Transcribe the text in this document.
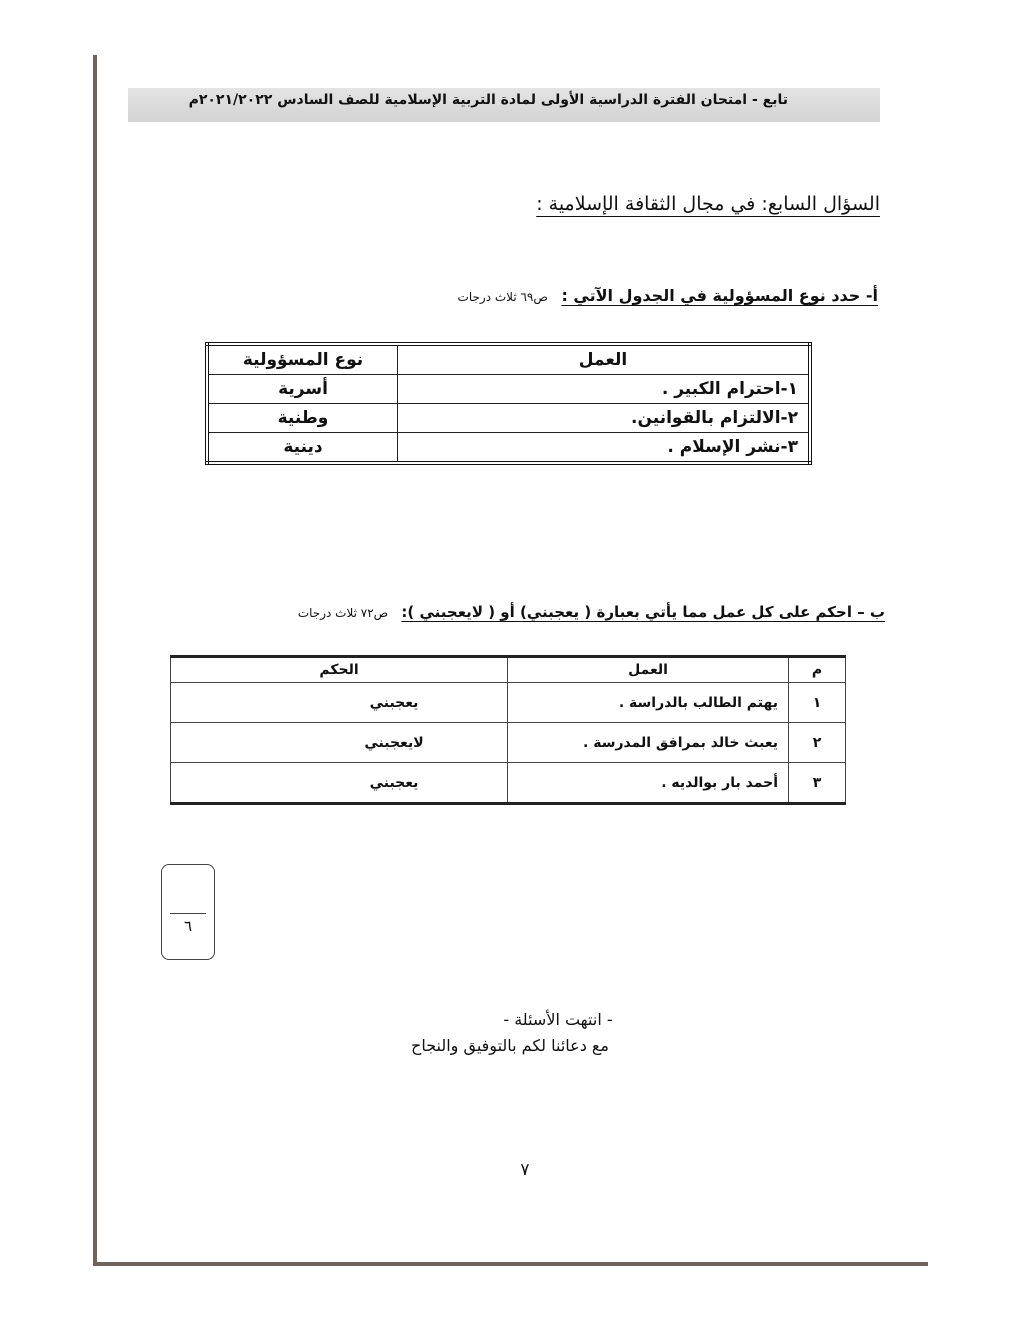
تابع - امتحان الفترة الدراسية الأولى لمادة التربية الإسلامية للصف السادس ٢٠٢١/٢٠٢٢م
السؤال السابع: في مجال الثقافة الإسلامية :
أ- حدد نوع المسؤولية في الجدول الآتي : ص٦٩ ثلاث درجات
العمل	نوع المسؤولية
١-احترام الكبير .	أسرية
٢-الالتزام بالقوانين.	وطنية
٣-نشر الإسلام .	دينية
ب – احكم على كل عمل مما يأتي بعبارة ( يعجبني) أو ( لايعجبني ): ص٧٢ ثلاث درجات
م	العمل	الحكم
١	يهتم الطالب بالدراسة .	يعجبني
٢	يعبث خالد بمرافق المدرسة .	لايعجبني
٣	أحمد بار بوالديه .	يعجبني
٦
- انتهت الأسئلة -
مع دعائنا لكم بالتوفيق والنجاح
٧
